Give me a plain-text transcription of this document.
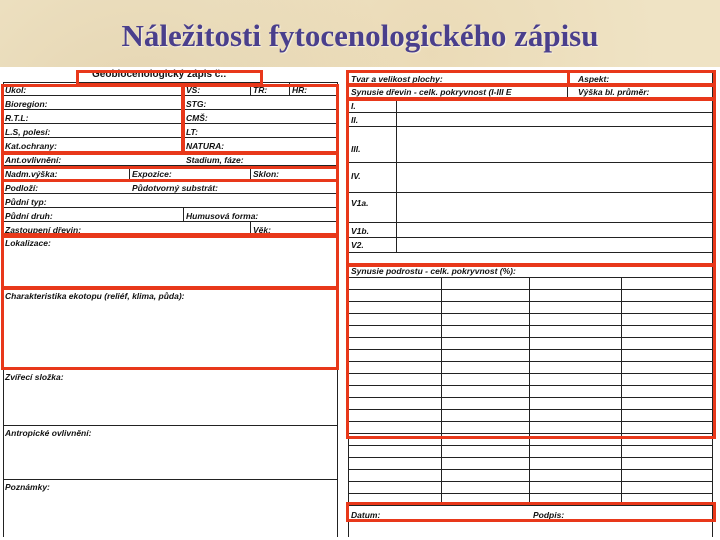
Náležitosti fytocenologického zápisu
Geobiocenologický zápis č.:
Úkol:	VS:	TR:	HR:
Bioregion:	STG:
R.T.L:	CMŠ:
L.S, polesí:	LT:
Kat.ochrany:	NATURA:
Ant.ovlivnění:	Stadium, fáze:
Nadm.výška:	Expozice:	Sklon:
Podloží:	Půdotvorný substrát:
Půdní typ:
Půdní druh:	Humusová forma:
Zastoupení dřevin:	Věk:
Lokalizace:
Charakteristika ekotopu (reliéf, klima, půda):
Zvířecí složka:
Antropické ovlivnění:
Poznámky:
Tvar a velikost plochy:	Aspekt:
Synusie dřevin - celk. pokryvnost (I-III E	Výška bl. průměr:
I.
II.
III.
IV.
V1a.
V1b.
V2.
Synusie podrostu - celk. pokryvnost (%):
Datum:	Podpis:
